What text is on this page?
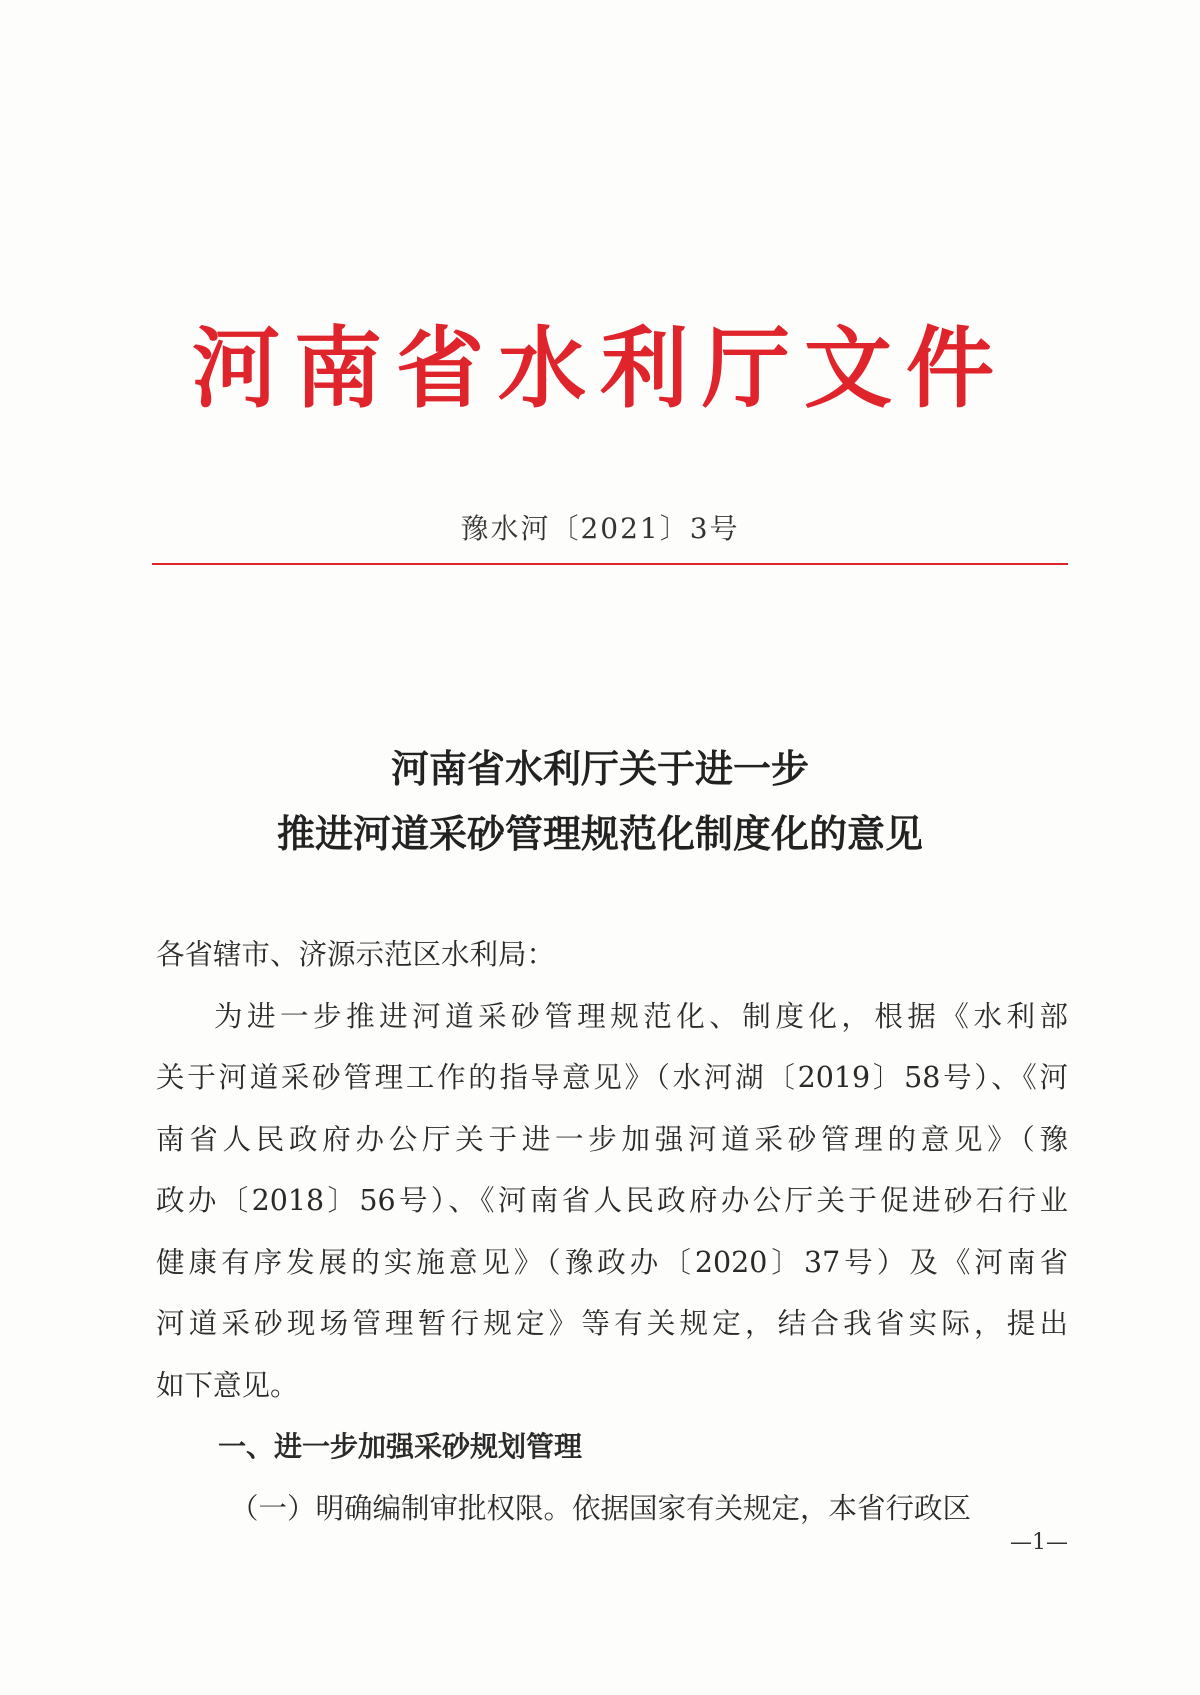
河南省水利厅文件
豫水河〔2021〕3号
河南省水利厅关于进一步
推进河道采砂管理规范化制度化的意见
各省辖市、济源示范区水利局：
为进一步推进河道采砂管理规范化、制度化，根据《水利部
关于河道采砂管理工作的指导意见》（水河湖〔2019〕58号）、《河
南省人民政府办公厅关于进一步加强河道采砂管理的意见》（豫
政办〔2018〕56号）、《河南省人民政府办公厅关于促进砂石行业
健康有序发展的实施意见》（豫政办〔2020〕37号）及《河南省
河道采砂现场管理暂行规定》等有关规定，结合我省实际，提出
如下意见。
一、进一步加强采砂规划管理
（一）明确编制审批权限。依据国家有关规定，本省行政区
—1—
